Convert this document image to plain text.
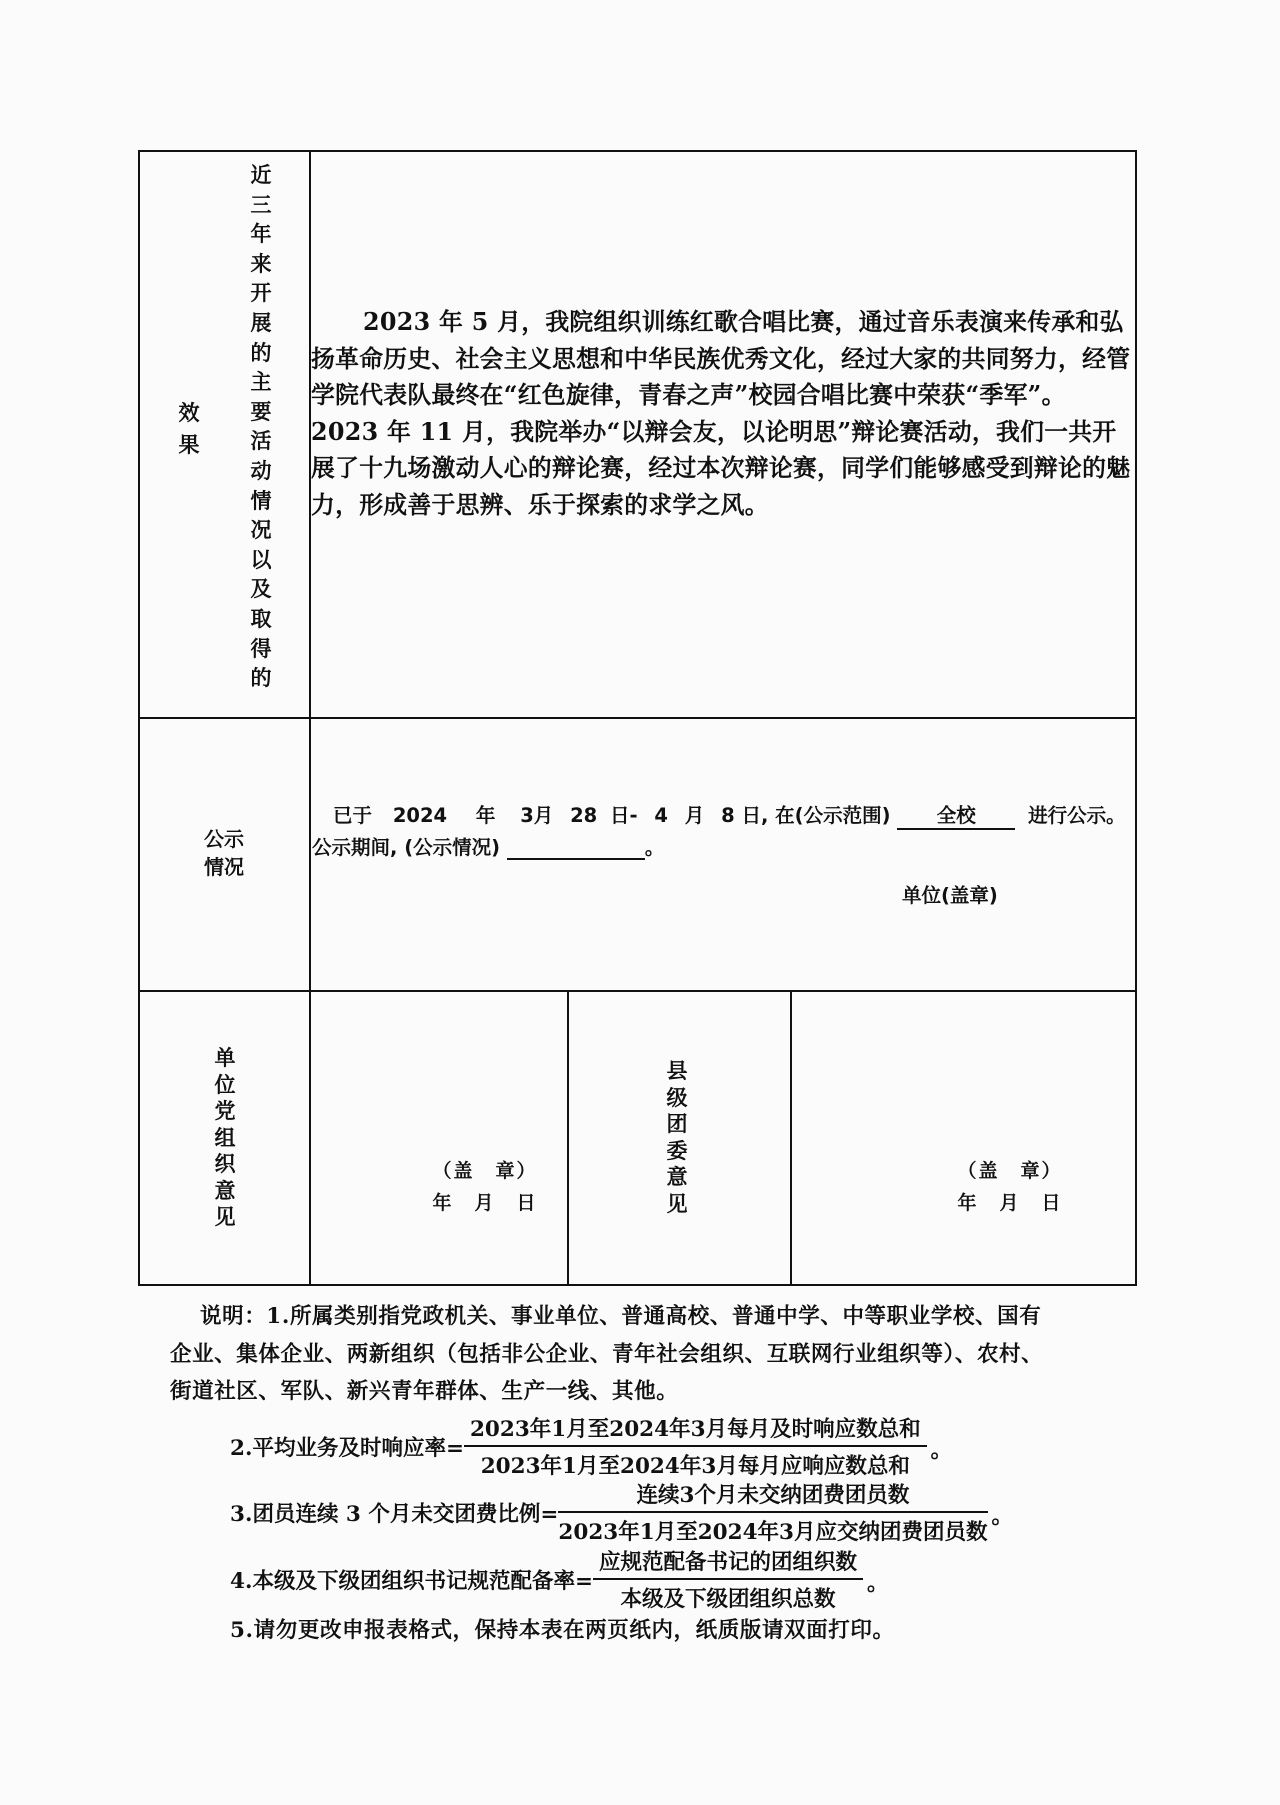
近
三
年
来
开
展
的
主
要
活
动
情
况
以
及
取
得
的
效
果

2023 年 5 月，我院组织训练红歌合唱比赛，通过音乐表演来传承和弘扬革命历史、社会主义思想和中华民族优秀文化，经过大家的共同努力，经管学院代表队最终在“红色旋律，青春之声”校园合唱比赛中荣获“季军”。

2023 年 11 月，我院举办“以辩会友，以论明思”辩论赛活动，我们一共开展了十九场激动人心的辩论赛，经过本次辩论赛，同学们能够感受到辩论的魅力，形成善于思辨、乐于探索的求学之风。

公示
情况
已于 2024 年 3月 28 日- 4 月 8 日, 在(公示范围) 全校	进行公示。
公示期间, (公示情况)	。
单位(盖章)
单
位
党
组
织
意
见
（盖　章）
年　月　日
县
级
团
委
意
见
（盖　章）
年　月　日

说明：1.所属类别指党政机关、事业单位、普通高校、普通中学、中等职业学校、国有

企业、集体企业、两新组织（包括非公企业、青年社会组织、互联网行业组织等）、农村、

街道社区、军队、新兴青年群体、生产一线、其他。

2.平均业务及时响应率= $\frac{\text{2023年1月至2024年3月每月及时响应数总和}}{\text{2023年1月至2024年3月每月应响应数总和}}$ 。
3.团员连续 3 个月未交团费比例= $\frac{\text{连续3个月未交纳团费团员数}}{\text{2023年1月至2024年3月应交纳团费团员数}}$ 。
4.本级及下级团组织书记规范配备率= $\frac{\text{应规范配备书记的团组织数}}{\text{本级及下级团组织总数}}$ 。
5.请勿更改申报表格式，保持本表在两页纸内，纸质版请双面打印。
